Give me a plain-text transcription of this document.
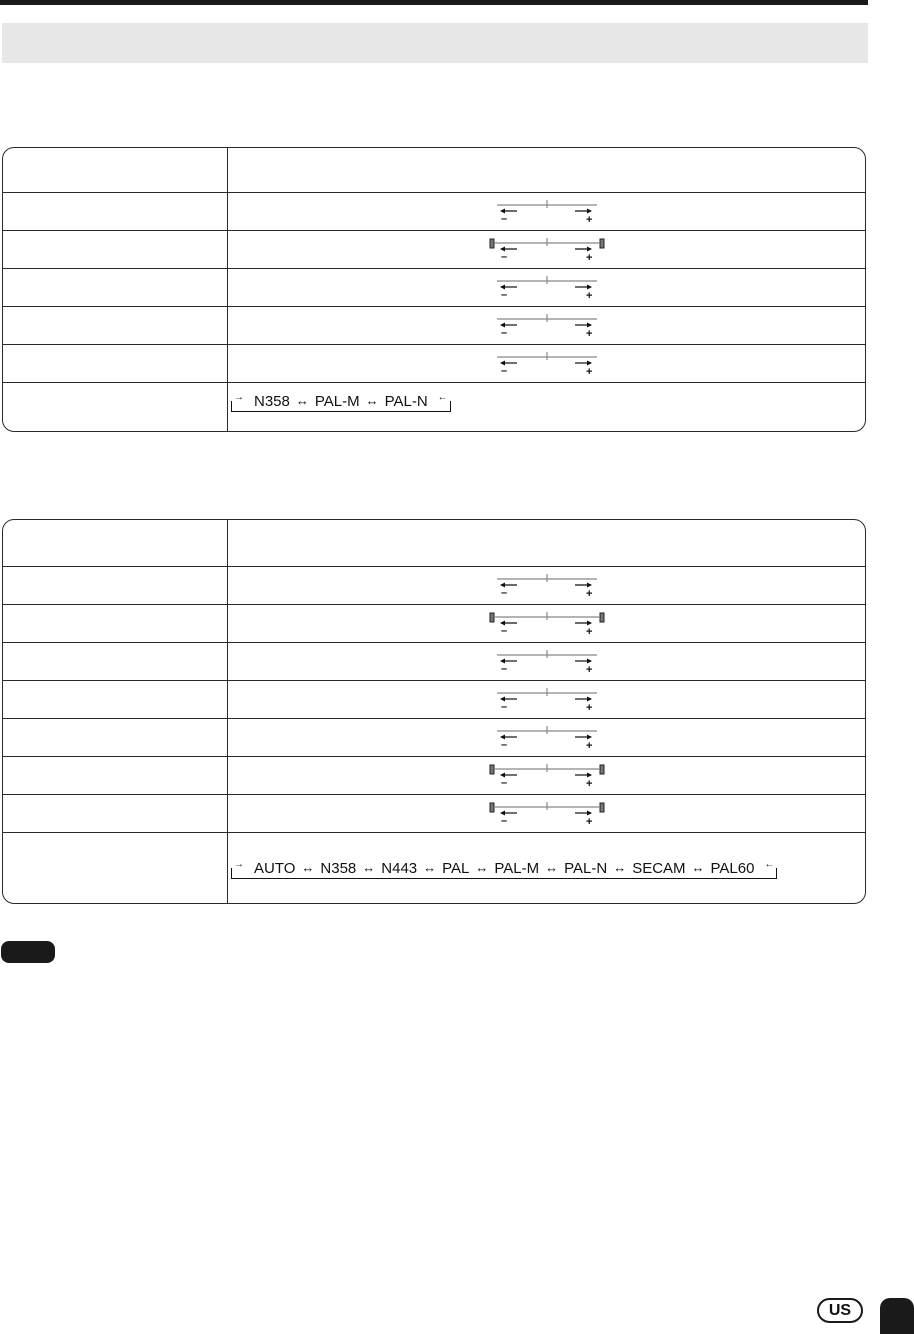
–	+
–	+
–	+
–	+
–	+
→ N358 ↔ PAL-M ↔ PAL-N ←
–	+
–	+
–	+
–	+
–	+
–	+
–	+
→ AUTO ↔ N358 ↔ N443 ↔ PAL ↔ PAL-M ↔ PAL-N ↔ SECAM ↔ PAL60 ←
US
